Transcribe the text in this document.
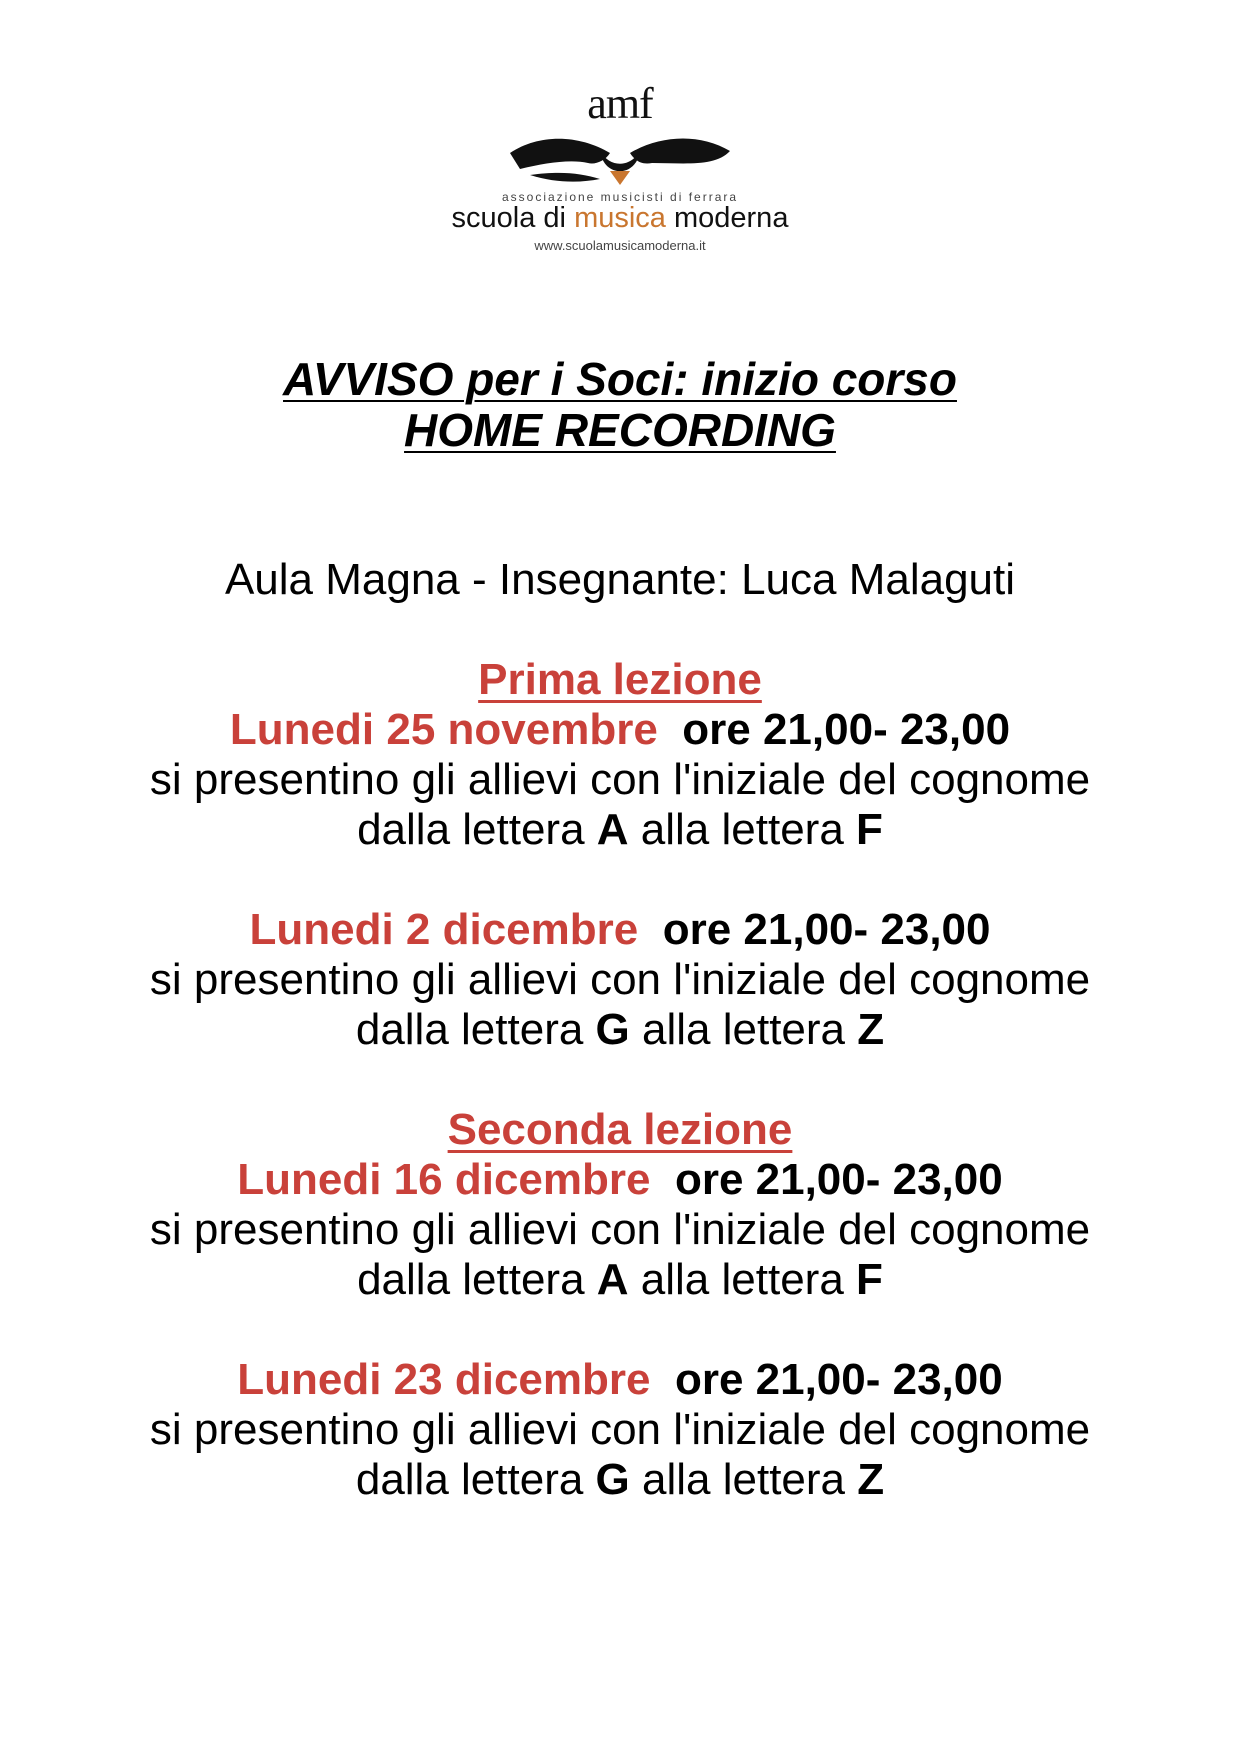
amf
associazione musicisti di ferrara
scuola di musica moderna
www.scuolamusicamoderna.it
AVVISO per i Soci: inizio corso
HOME RECORDING

Aula Magna - Insegnante: Luca Malaguti

Prima lezione

Lunedi 25 novembre ore 21,00- 23,00

si presentino gli allievi con l'iniziale del cognome

dalla lettera A alla lettera F

Lunedi 2 dicembre ore 21,00- 23,00

si presentino gli allievi con l'iniziale del cognome

dalla lettera G alla lettera Z

Seconda lezione

Lunedi 16 dicembre ore 21,00- 23,00

si presentino gli allievi con l'iniziale del cognome

dalla lettera A alla lettera F

Lunedi 23 dicembre ore 21,00- 23,00

si presentino gli allievi con l'iniziale del cognome

dalla lettera G alla lettera Z
